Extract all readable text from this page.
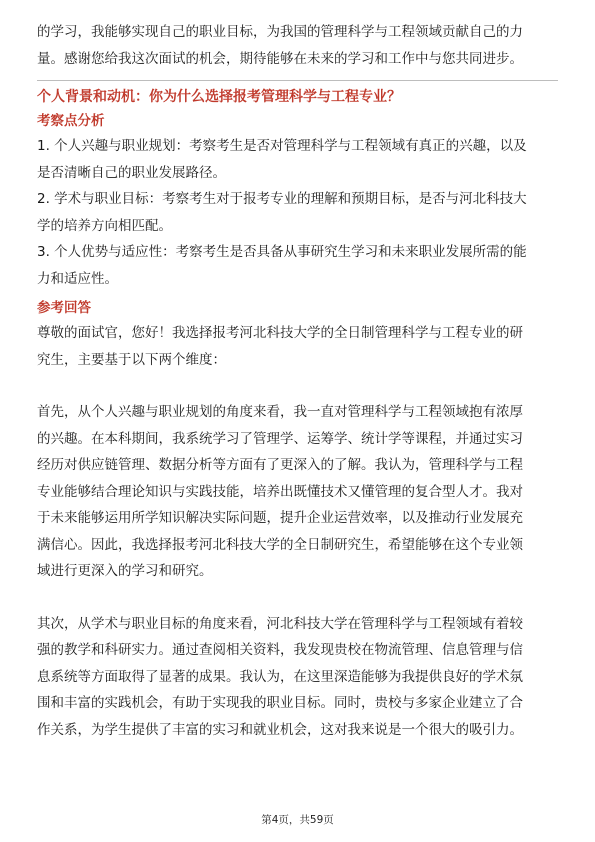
的学习，我能够实现自己的职业目标，为我国的管理科学与工程领域贡献自己的力

量。感谢您给我这次面试的机会，期待能够在未来的学习和工作中与您共同进步。

个人背景和动机：你为什么选择报考管理科学与工程专业？

考察点分析

1. 个人兴趣与职业规划：考察考生是否对管理科学与工程领域有真正的兴趣，以及

是否清晰自己的职业发展路径。

2. 学术与职业目标：考察考生对于报考专业的理解和预期目标，是否与河北科技大

学的培养方向相匹配。

3. 个人优势与适应性：考察考生是否具备从事研究生学习和未来职业发展所需的能

力和适应性。

参考回答

尊敬的面试官，您好！我选择报考河北科技大学的全日制管理科学与工程专业的研

究生，主要基于以下两个维度：

首先，从个人兴趣与职业规划的角度来看，我一直对管理科学与工程领域抱有浓厚

的兴趣。在本科期间，我系统学习了管理学、运筹学、统计学等课程，并通过实习

经历对供应链管理、数据分析等方面有了更深入的了解。我认为，管理科学与工程

专业能够结合理论知识与实践技能，培养出既懂技术又懂管理的复合型人才。我对

于未来能够运用所学知识解决实际问题，提升企业运营效率，以及推动行业发展充

满信心。因此，我选择报考河北科技大学的全日制研究生，希望能够在这个专业领

域进行更深入的学习和研究。

其次，从学术与职业目标的角度来看，河北科技大学在管理科学与工程领域有着较

强的教学和科研实力。通过查阅相关资料，我发现贵校在物流管理、信息管理与信

息系统等方面取得了显著的成果。我认为，在这里深造能够为我提供良好的学术氛

围和丰富的实践机会，有助于实现我的职业目标。同时，贵校与多家企业建立了合

作关系，为学生提供了丰富的实习和就业机会，这对我来说是一个很大的吸引力。

第4页，共59页
